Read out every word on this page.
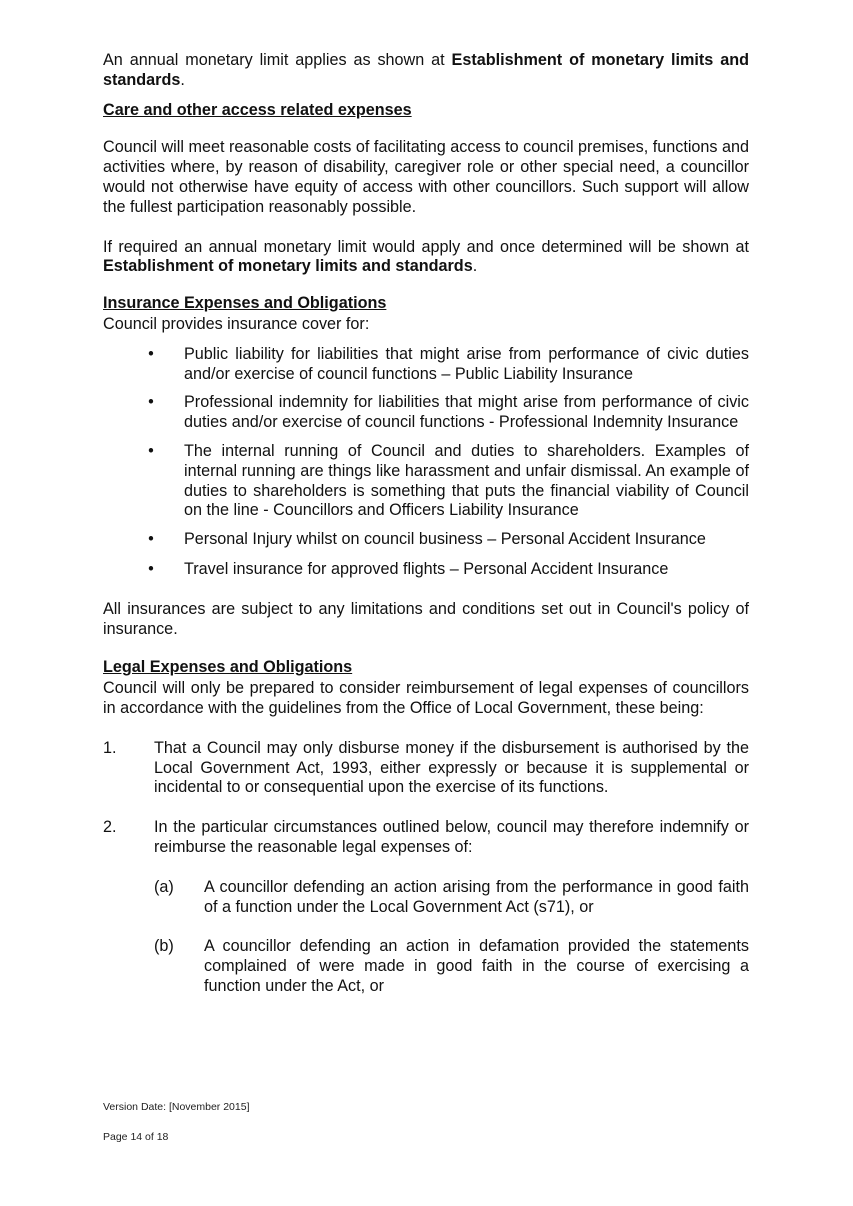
An annual monetary limit applies as shown at Establishment of monetary limits and standards.

Care and other access related expenses

Council will meet reasonable costs of facilitating access to council premises, functions and activities where, by reason of disability, caregiver role or other special need, a councillor would not otherwise have equity of access with other councillors. Such support will allow the fullest participation reasonably possible.

If required an annual monetary limit would apply and once determined will be shown at Establishment of monetary limits and standards.

Insurance Expenses and Obligations

Council provides insurance cover for:

• Public liability for liabilities that might arise from performance of civic duties and/or exercise of council functions – Public Liability Insurance
• Professional indemnity for liabilities that might arise from performance of civic duties and/or exercise of council functions - Professional Indemnity Insurance
• The internal running of Council and duties to shareholders. Examples of internal running are things like harassment and unfair dismissal. An example of duties to shareholders is something that puts the financial viability of Council on the line - Councillors and Officers Liability Insurance
• Personal Injury whilst on council business – Personal Accident Insurance
• Travel insurance for approved flights – Personal Accident Insurance

All insurances are subject to any limitations and conditions set out in Council's policy of insurance.

Legal Expenses and Obligations

Council will only be prepared to consider reimbursement of legal expenses of councillors in accordance with the guidelines from the Office of Local Government, these being:

1. That a Council may only disburse money if the disbursement is authorised by the Local Government Act, 1993, either expressly or because it is supplemental or incidental to or consequential upon the exercise of its functions.
2. In the particular circumstances outlined below, council may therefore indemnify or reimburse the reasonable legal expenses of:
(a) A councillor defending an action arising from the performance in good faith of a function under the Local Government Act (s71), or
(b) A councillor defending an action in defamation provided the statements complained of were made in good faith in the course of exercising a function under the Act, or
Version Date: [November 2015]
Page 14 of 18
